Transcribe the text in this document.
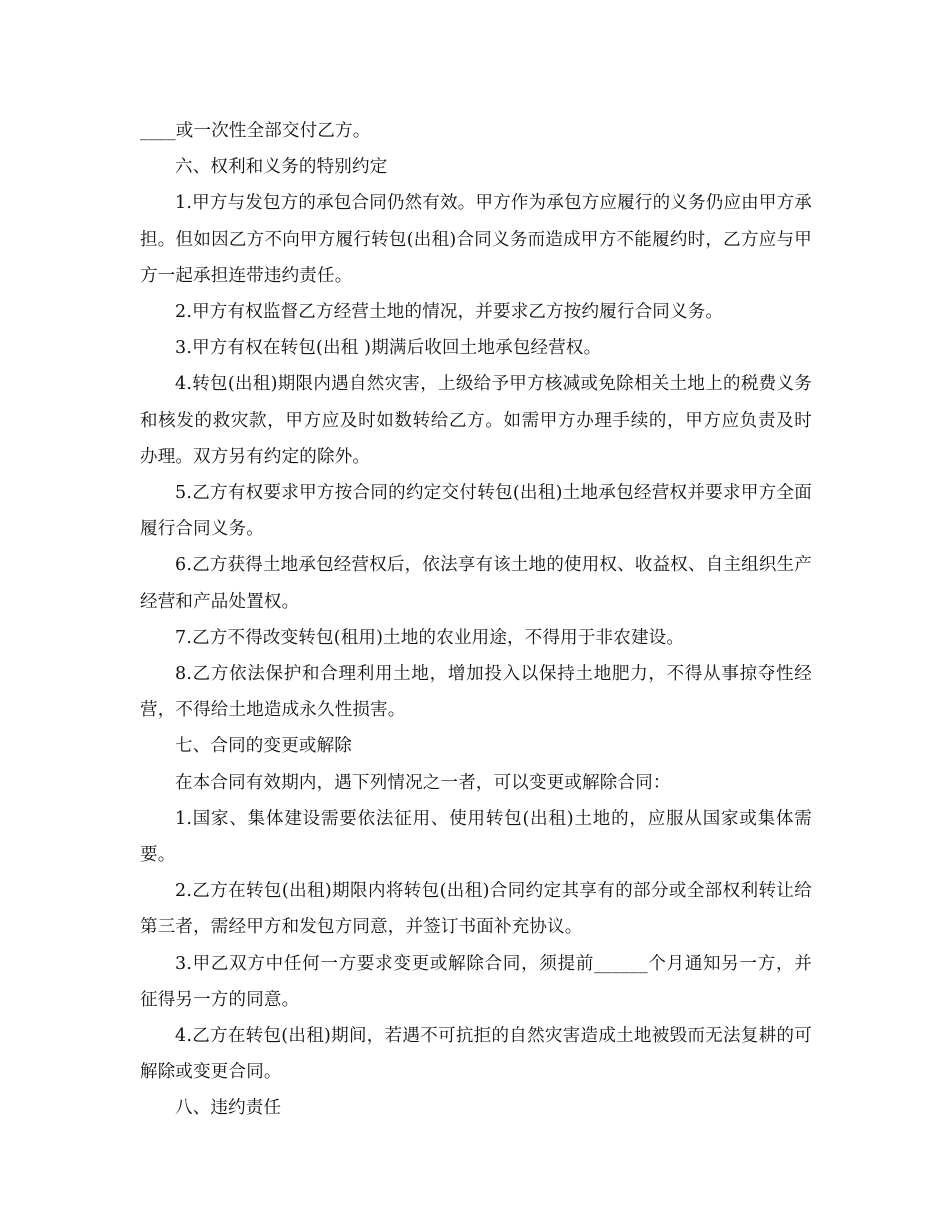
____或一次性全部交付乙方。

六、权利和义务的特别约定

1.甲方与发包方的承包合同仍然有效。甲方作为承包方应履行的义务仍应由甲方承担。但如因乙方不向甲方履行转包(出租)合同义务而造成甲方不能履约时，乙方应与甲方一起承担连带违约责任。

2.甲方有权监督乙方经营土地的情况，并要求乙方按约履行合同义务。

3.甲方有权在转包(出租 )期满后收回土地承包经营权。

4.转包(出租)期限内遇自然灾害，上级给予甲方核减或免除相关土地上的税费义务和核发的救灾款，甲方应及时如数转给乙方。如需甲方办理手续的，甲方应负责及时办理。双方另有约定的除外。

5.乙方有权要求甲方按合同的约定交付转包(出租)土地承包经营权并要求甲方全面履行合同义务。

6.乙方获得土地承包经营权后，依法享有该土地的使用权、收益权、自主组织生产经营和产品处置权。

7.乙方不得改变转包(租用)土地的农业用途，不得用于非农建设。

8.乙方依法保护和合理利用土地，增加投入以保持土地肥力，不得从事掠夺性经营，不得给土地造成永久性损害。

七、合同的变更或解除

在本合同有效期内，遇下列情况之一者，可以变更或解除合同：

1.国家、集体建设需要依法征用、使用转包(出租)土地的，应服从国家或集体需要。

2.乙方在转包(出租)期限内将转包(出租)合同约定其享有的部分或全部权利转让给第三者，需经甲方和发包方同意，并签订书面补充协议。

3.甲乙双方中任何一方要求变更或解除合同，须提前______个月通知另一方，并征得另一方的同意。

4.乙方在转包(出租)期间，若遇不可抗拒的自然灾害造成土地被毁而无法复耕的可解除或变更合同。

八、违约责任
